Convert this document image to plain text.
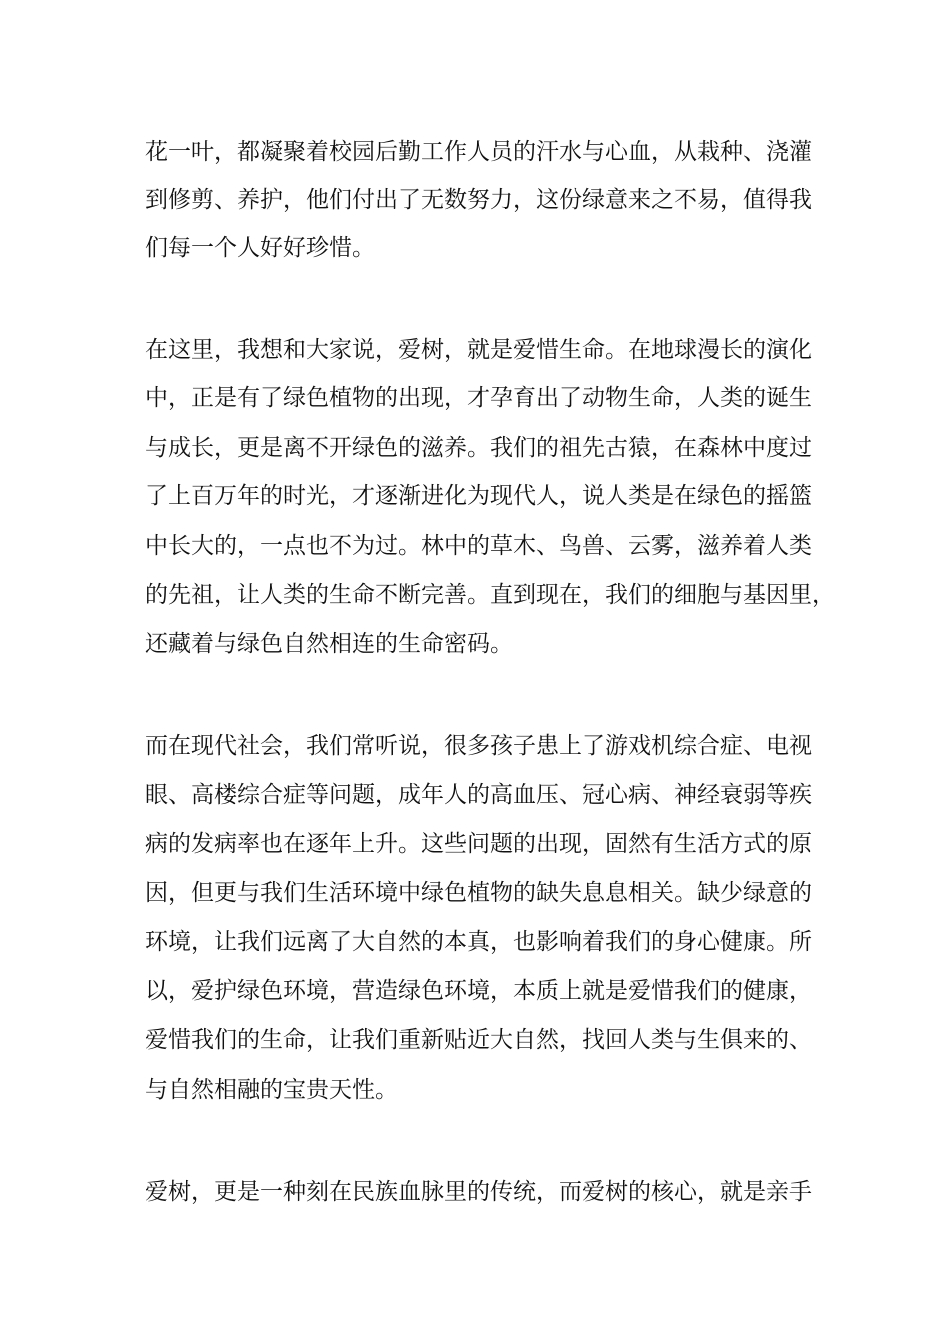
花一叶，都凝聚着校园后勤工作人员的汗水与心血，从栽种、浇灌
到修剪、养护，他们付出了无数努力，这份绿意来之不易，值得我
们每一个人好好珍惜。
在这里，我想和大家说，爱树，就是爱惜生命。在地球漫长的演化
中，正是有了绿色植物的出现，才孕育出了动物生命，人类的诞生
与成长，更是离不开绿色的滋养。我们的祖先古猿，在森林中度过
了上百万年的时光，才逐渐进化为现代人，说人类是在绿色的摇篮
中长大的，一点也不为过。林中的草木、鸟兽、云雾，滋养着人类
的先祖，让人类的生命不断完善。直到现在，我们的细胞与基因里，
还藏着与绿色自然相连的生命密码。
而在现代社会，我们常听说，很多孩子患上了游戏机综合症、电视
眼、高楼综合症等问题，成年人的高血压、冠心病、神经衰弱等疾
病的发病率也在逐年上升。这些问题的出现，固然有生活方式的原
因，但更与我们生活环境中绿色植物的缺失息息相关。缺少绿意的
环境，让我们远离了大自然的本真，也影响着我们的身心健康。所
以，爱护绿色环境，营造绿色环境，本质上就是爱惜我们的健康，
爱惜我们的生命，让我们重新贴近大自然，找回人类与生俱来的、
与自然相融的宝贵天性。
爱树，更是一种刻在民族血脉里的传统，而爱树的核心，就是亲手
